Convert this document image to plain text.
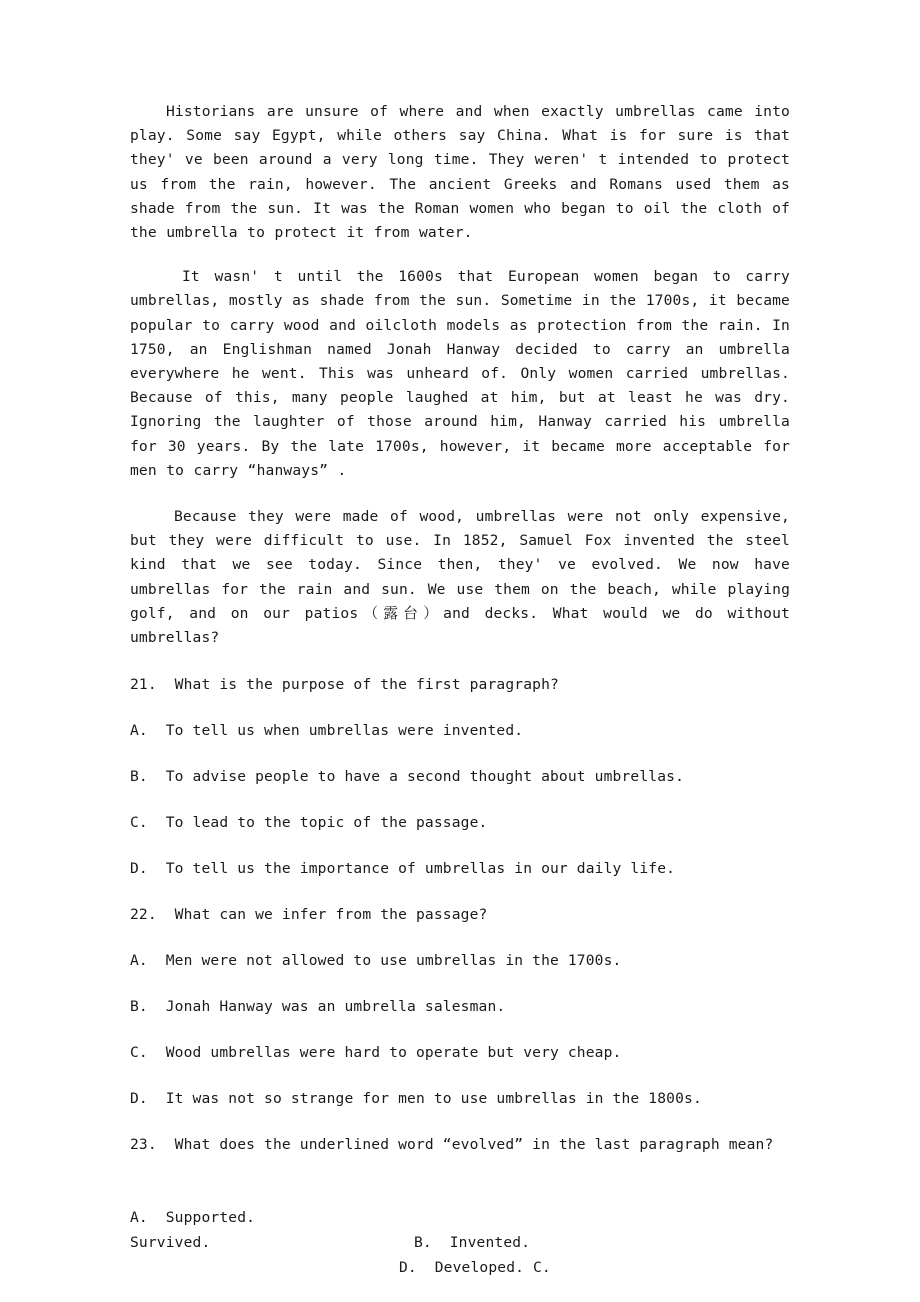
Historians are unsure of where and when exactly umbrellas came into play. Some say Egypt, while others say China. What is for sure is that they' ve been around a very long time. They weren' t intended to protect us from the rain, however. The ancient Greeks and Romans used them as shade from the sun. It was the Roman women who began to oil the cloth of the umbrella to protect it from water.

It wasn' t until the 1600s that European women began to carry umbrellas, mostly as shade from the sun. Sometime in the 1700s, it became popular to carry wood and oilcloth models as protection from the rain. In 1750, an Englishman named Jonah Hanway decided to carry an umbrella everywhere he went. This was unheard of. Only women carried umbrellas. Because of this, many people laughed at him, but at least he was dry. Ignoring the laughter of those around him, Hanway carried his umbrella for 30 years. By the late 1700s, however, it became more acceptable for men to carry “hanways” .

Because they were made of wood, umbrellas were not only expensive, but they were difficult to use. In 1852, Samuel Fox invented the steel kind that we see today. Since then, they' ve evolved. We now have umbrellas for the rain and sun. We use them on the beach, while playing golf, and on our patios（露台）and decks. What would we do without umbrellas?

21.  What is the purpose of the first paragraph?
A.  To tell us when umbrellas were invented.
B.  To advise people to have a second thought about umbrellas.
C.  To lead to the topic of the passage.
D.  To tell us the importance of umbrellas in our daily life.
22.  What can we infer from the passage?
A.  Men were not allowed to use umbrellas in the 1700s.
B.  Jonah Hanway was an umbrella salesman.
C.  Wood umbrellas were hard to operate but very cheap.
D.  It was not so strange for men to use umbrellas in the 1800s.
23.  What does the underlined word “evolved” in the last paragraph mean?

A.  Supported.

B.  Invented.

C.

Survived.

D.  Developed.
